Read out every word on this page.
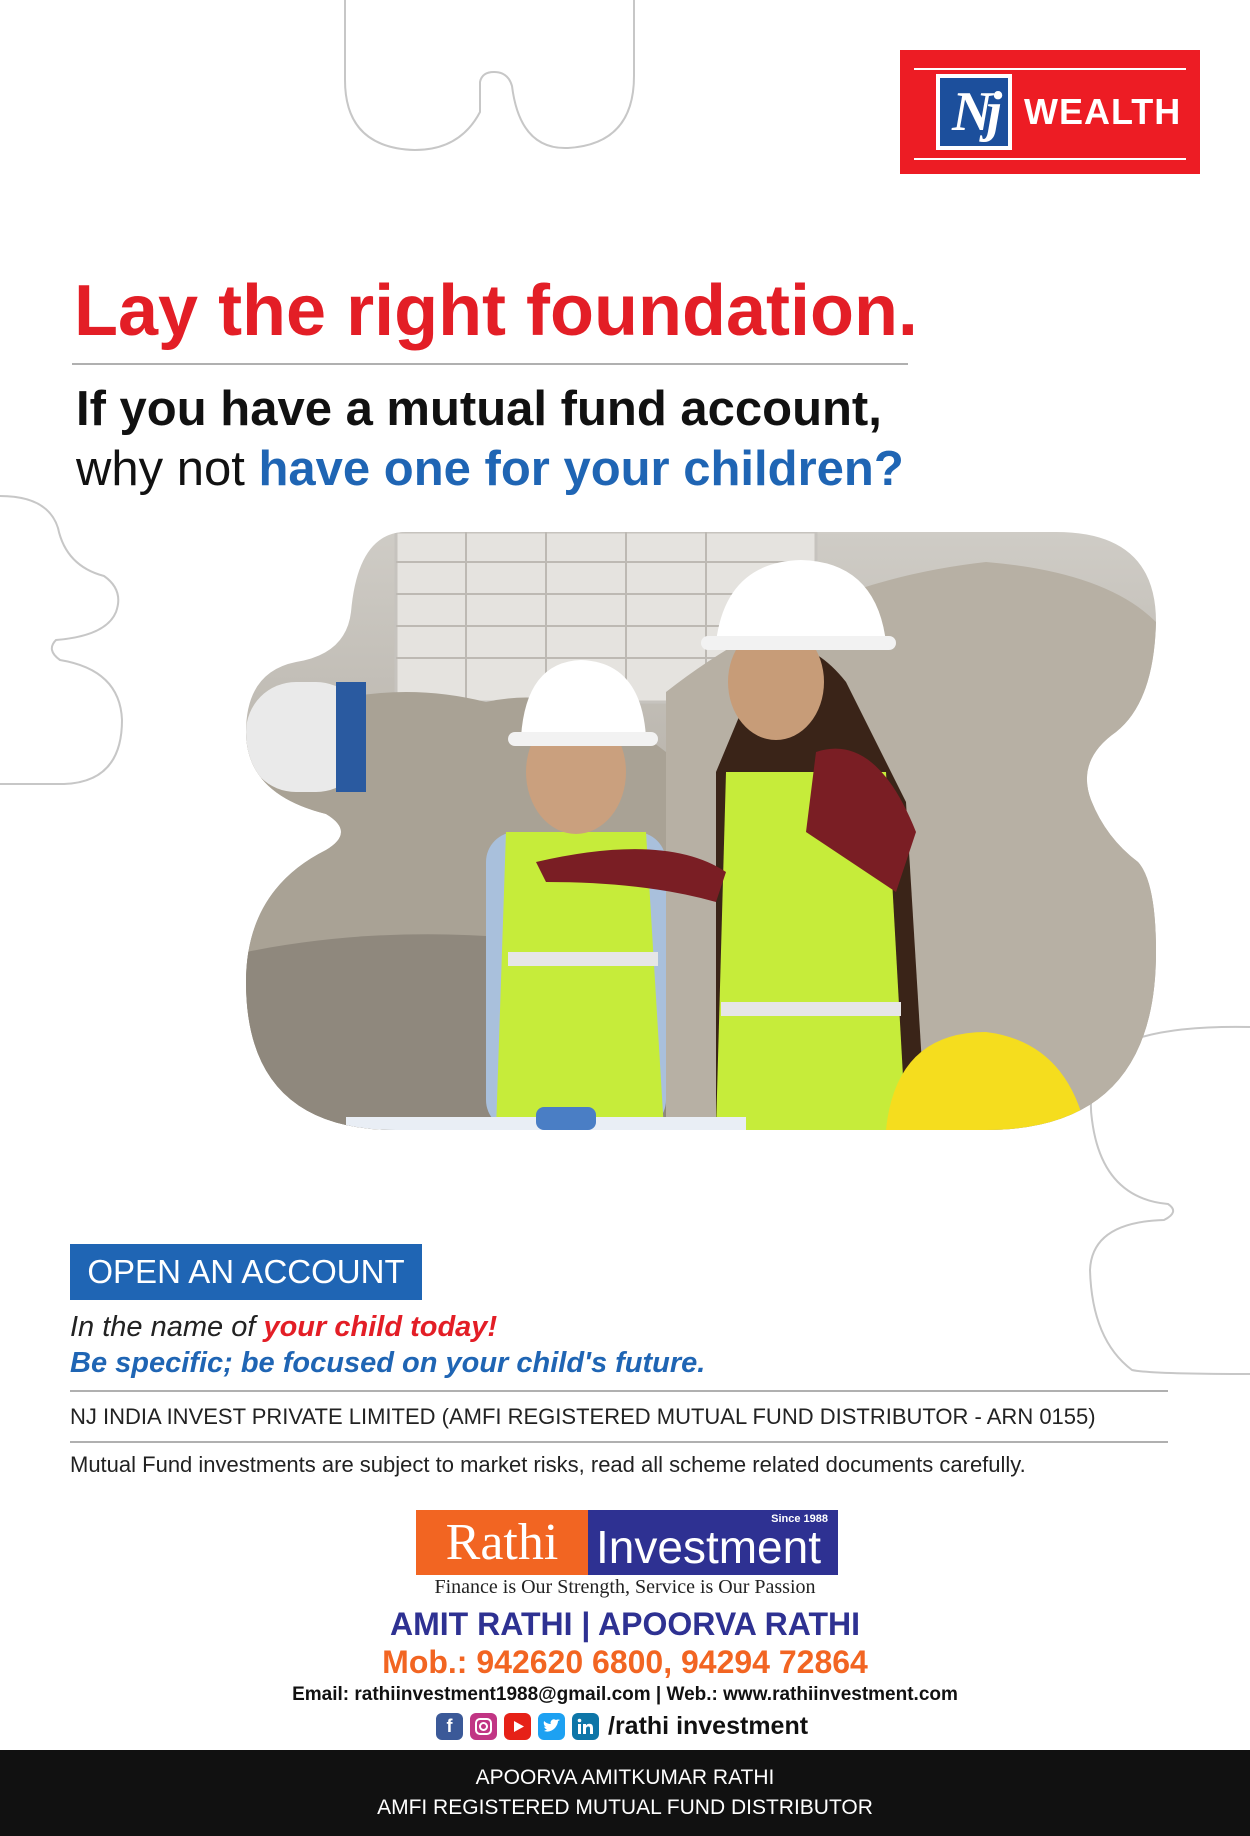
Nj WEALTH
Lay the right foundation.
If you have a mutual fund account,
why not have one for your children?
OPEN AN ACCOUNT
In the name of your child today!
Be specific; be focused on your child's future.
NJ INDIA INVEST PRIVATE LIMITED (AMFI REGISTERED MUTUAL FUND DISTRIBUTOR - ARN 0155)
Mutual Fund investments are subject to market risks, read all scheme related documents carefully.
Rathi	Since 1988
Investment
Finance is Our Strength, Service is Our Passion
AMIT RATHI | APOORVA RATHI
Mob.: 942620 6800, 94294 72864
Email: rathiinvestment1988@gmail.com | Web.: www.rathiinvestment.com
f	/rathi investment
APOORVA AMITKUMAR RATHI
AMFI REGISTERED MUTUAL FUND DISTRIBUTOR
